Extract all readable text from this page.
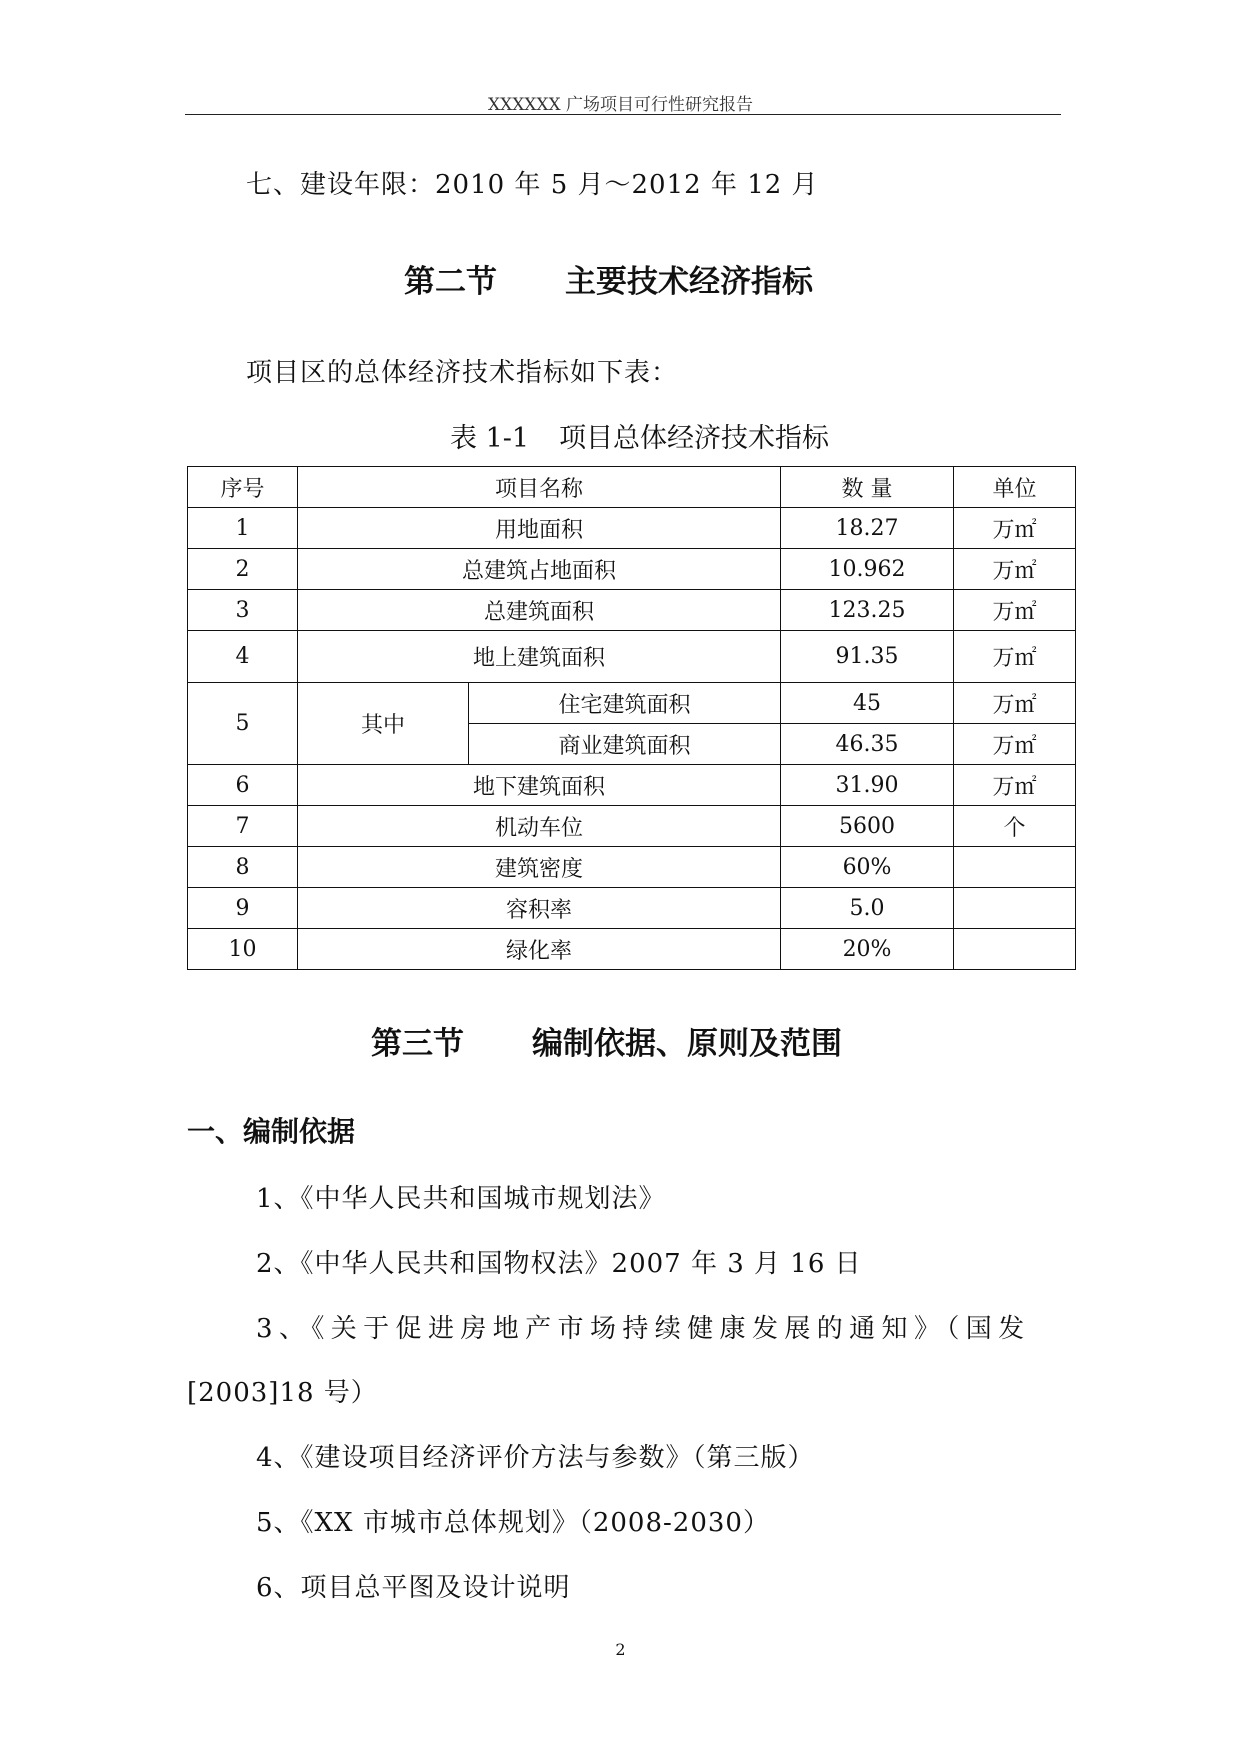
XXXXXX 广场项目可行性研究报告
七、建设年限：2010 年 5 月～2012 年 12 月
第二节 主要技术经济指标
项目区的总体经济技术指标如下表：
表 1-1 项目总体经济技术指标
序号	项目名称		数 量	单位
1	用地面积		18.27	万㎡
2	总建筑占地面积		10.962	万㎡
3	总建筑面积		123.25	万㎡
4	地上建筑面积		91.35	万㎡
5	其中	住宅建筑面积	45	万㎡
		商业建筑面积	46.35	万㎡
6	地下建筑面积		31.90	万㎡
7	机动车位		5600	个
8	建筑密度		60%	
9	容积率		5.0	
10	绿化率		20%	
第三节 编制依据、原则及范围
一、编制依据
1、《中华人民共和国城市规划法》
2、《中华人民共和国物权法》2007 年 3 月 16 日
3、《关于促进房地产市场持续健康发展的通知》（国发
[2003]18 号）
4、《建设项目经济评价方法与参数》（第三版）
5、《XX 市城市总体规划》（2008-2030）
6、项目总平图及设计说明
2
